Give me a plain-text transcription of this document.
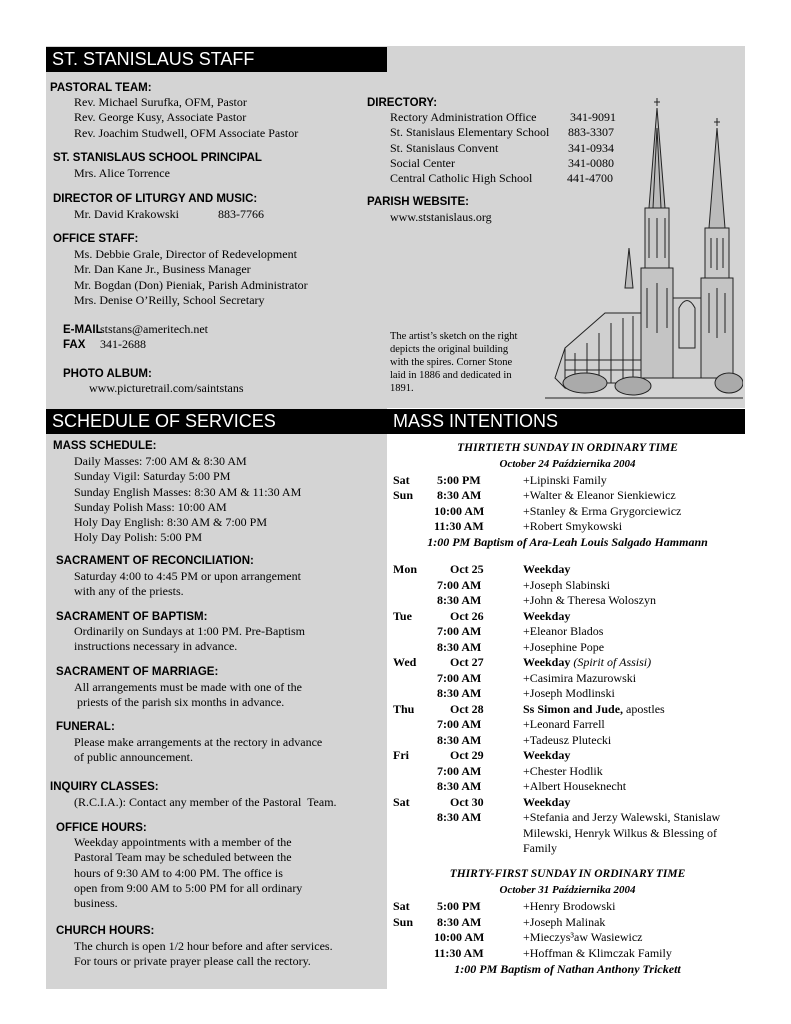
ST. STANISLAUS STAFF
SCHEDULE OF SERVICES	MASS INTENTIONS
PASTORAL TEAM:
Rev. Michael Surufka, OFM, Pastor
Rev. George Kusy, Associate Pastor
Rev. Joachim Studwell, OFM Associate Pastor
ST. STANISLAUS SCHOOL PRINCIPAL
Mrs. Alice Torrence
DIRECTOR OF LITURGY AND MUSIC:
Mr. David Krakowski	883-7766
OFFICE STAFF:
Ms. Debbie Grale, Director of Redevelopment
Mr. Dan Kane Jr., Business Manager
Mr. Bogdan (Don) Pieniak, Parish Administrator
Mrs. Denise O’Reilly, School Secretary
E-MAIL
ststans@ameritech.net
FAX 341-2688
PHOTO ALBUM:
www.picturetrail.com/saintstans
DIRECTORY:
Rectory Administration Office	341-9091
St. Stanislaus Elementary School	883-3307
St. Stanislaus Convent	341-0934
Social Center	341-0080
Central Catholic High School	441-4700
PARISH WEBSITE:
www.ststanislaus.org
The artist’s sketch on the right
depicts the original building
with the spires. Corner Stone
laid in 1886 and dedicated in
1891.
MASS SCHEDULE:
Daily Masses: 7:00 AM & 8:30 AM
Sunday Vigil: Saturday 5:00 PM
Sunday English Masses: 8:30 AM & 11:30 AM
Sunday Polish Mass: 10:00 AM
Holy Day English: 8:30 AM & 7:00 PM
Holy Day Polish: 5:00 PM
SACRAMENT OF RECONCILIATION:
Saturday 4:00 to 4:45 PM or upon arrangement
with any of the priests.
SACRAMENT OF BAPTISM:
Ordinarily on Sundays at 1:00 PM. Pre-Baptism
instructions necessary in advance.
SACRAMENT OF MARRIAGE:
All arrangements must be made with one of the
priests of the parish six months in advance.
FUNERAL:
Please make arrangements at the rectory in advance
of public announcement.
INQUIRY CLASSES:
(R.C.I.A.): Contact any member of the Pastoral  Team.
OFFICE HOURS:
Weekday appointments with a member of the
Pastoral Team may be scheduled between the
hours of 9:30 AM to 4:00 PM. The office is
open from 9:00 AM to 5:00 PM for all ordinary
business.
CHURCH HOURS:
The church is open 1/2 hour before and after services.
For tours or private prayer please call the rectory.
THIRTIETH SUNDAY IN ORDINARY TIME
October 24 Października 2004
Sat 5:00 PM	+Lipinski Family
Sun 8:30 AM	+Walter & Eleanor Sienkiewicz
10:00 AM	+Stanley & Erma Grygorciewicz
11:30 AM	+Robert Smykowski
1:00 PM Baptism of Ara-Leah Louis Salgado Hammann
Mon	Oct 25	Weekday
7:00 AM	+Joseph Slabinski
8:30 AM	+John & Theresa Woloszyn
Tue	Oct 26	Weekday
7:00 AM	+Eleanor Blados
8:30 AM	+Josephine Pope
Wed	Oct 27	Weekday (Spirit of Assisi)
7:00 AM	+Casimira Mazurowski
8:30 AM	+Joseph Modlinski
Thu	Oct 28	Ss Simon and Jude, apostles
7:00 AM	+Leonard Farrell
8:30 AM	+Tadeusz Plutecki
Fri	Oct 29	Weekday
7:00 AM	+Chester Hodlik
8:30 AM	+Albert Houseknecht
Sat	Oct 30	Weekday
8:30 AM	+Stefania and Jerzy Walewski, Stanislaw
Milewski, Henryk Wilkus & Blessing of
Family
THIRTY-FIRST SUNDAY IN ORDINARY TIME
October 31 Października 2004
Sat 5:00 PM	+Henry Brodowski
Sun 8:30 AM	+Joseph Malinak
10:00 AM	+Mieczys³aw Wasiewicz
11:30 AM	+Hoffman & Klimczak Family
1:00 PM Baptism of Nathan Anthony Trickett
